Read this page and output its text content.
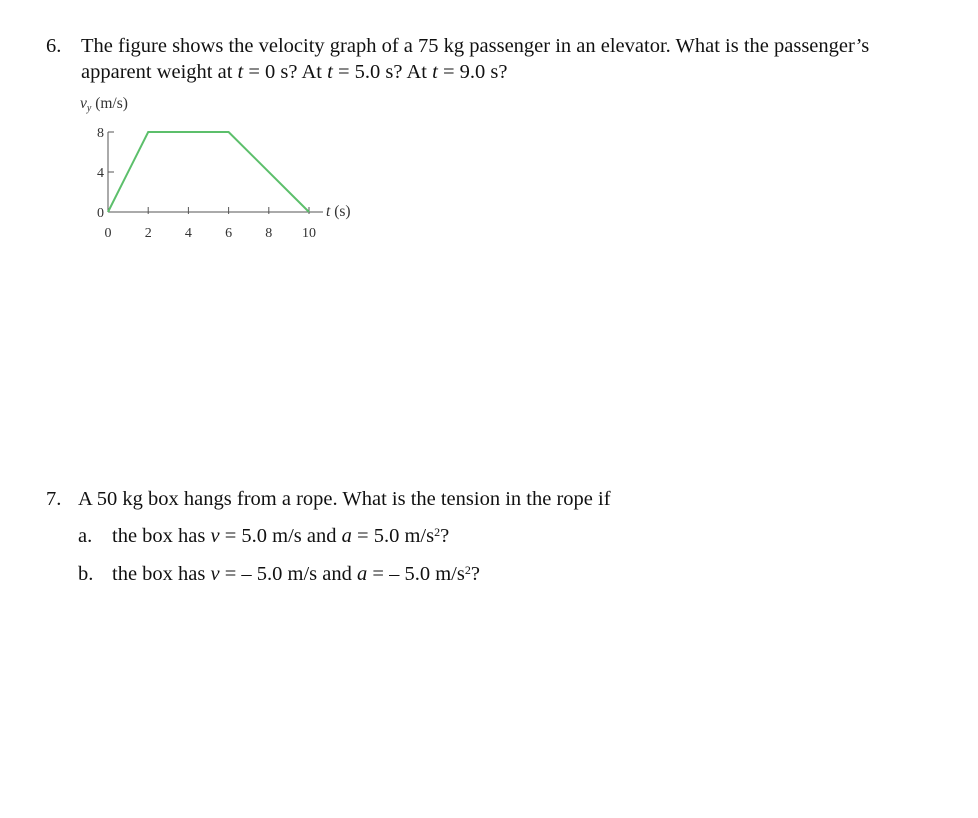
6. The figure shows the velocity graph of a 75 kg passenger in an elevator. What is the passenger’s
apparent weight at t = 0 s? At t = 5.0 s? At t = 9.0 s?
vy (m/s)
0
4
8
0 2 4 6 8 10
t (s)
7. A 50 kg box hangs from a rope. What is the tension in the rope if
a. the box has v = 5.0 m/s and a = 5.0 $m/s^2$?
b. the box has v = – 5.0 m/s and a = – 5.0 $m/s^2$?
